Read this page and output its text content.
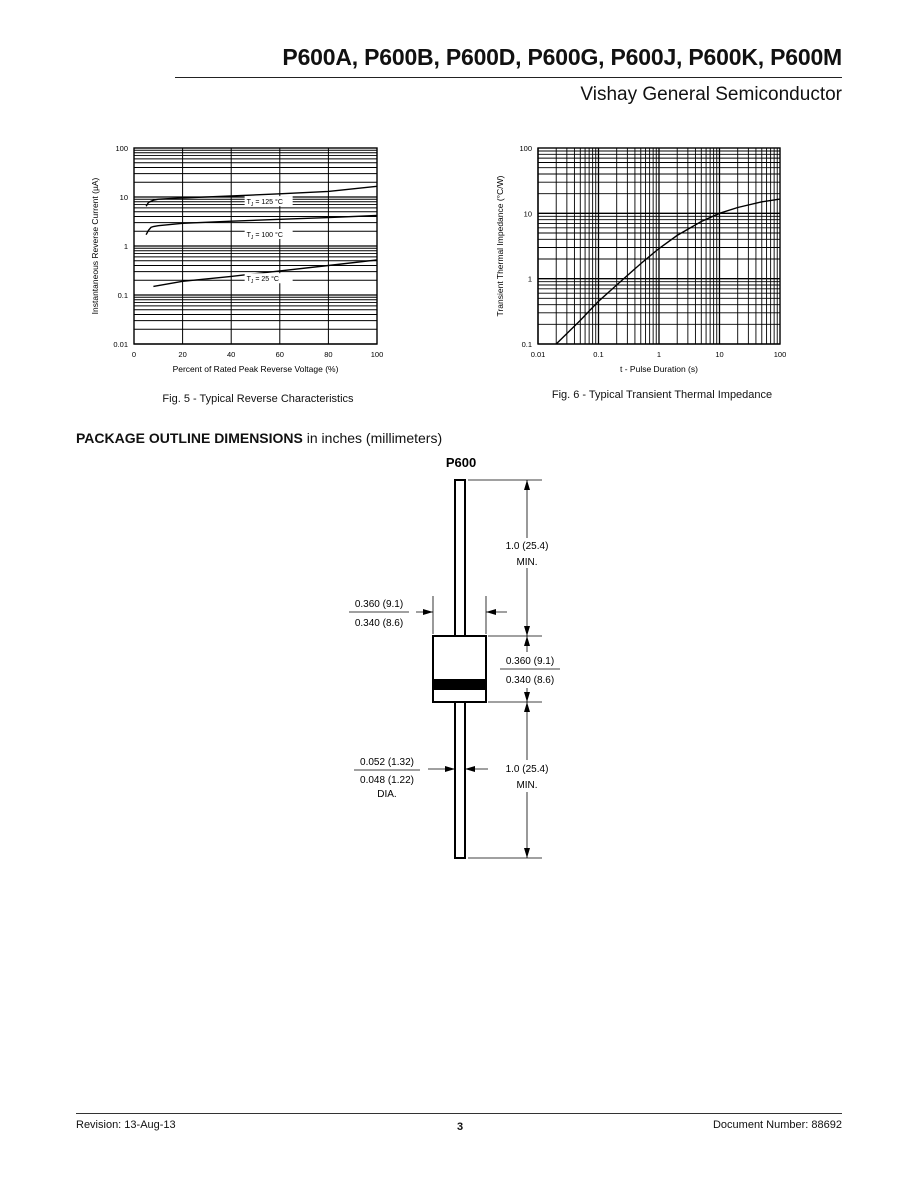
P600A, P600B, P600D, P600G, P600J, P600K, P600M
Vishay General Semiconductor
0.01
0.1
1
10
100
0	20	40	60	80	100
Percent of Rated Peak Reverse Voltage (%)
Instantaneous Reverse Current (µA)	$T_J = 125$ °C
$T_J = 100$ °C
$T_J = 25$ °C
Fig. 5 - Typical Reverse Characteristics
0.1
1
10
100
0.01	0.1	1	10	100
t - Pulse Duration (s)
Transient Thermal Impedance (°C/W)
Fig. 6 - Typical Transient Thermal Impedance
PACKAGE OUTLINE DIMENSIONS in inches (millimeters)
P600
1.0 (25.4)
MIN.
0.360 (9.1)
0.340 (8.6)
0.360 (9.1)
0.340 (8.6)
0.052 (1.32)
0.048 (1.22)
DIA.
1.0 (25.4)
MIN.
Revision: 13-Aug-13	3	Document Number: 88692
